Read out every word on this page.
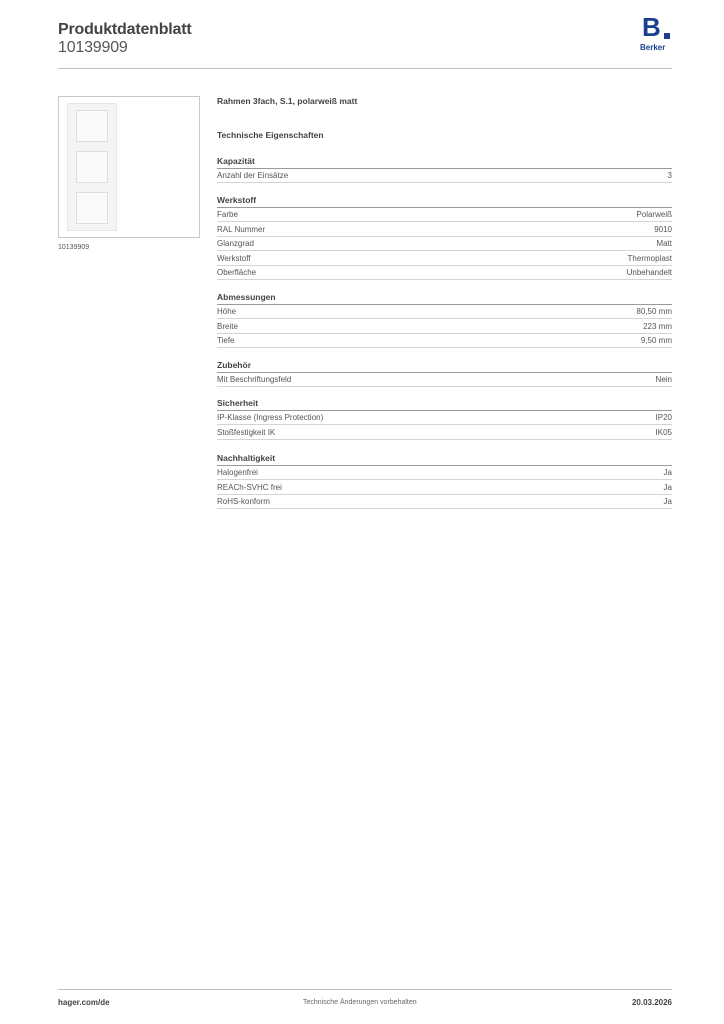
Produktdatenblatt
10139909
B
Berker
10139909
Rahmen 3fach, S.1, polarweiß matt
Technische Eigenschaften
Kapazität
Anzahl der Einsätze	3
Werkstoff
Farbe	Polarweiß
RAL Nummer	9010
Glanzgrad	Matt
Werkstoff	Thermoplast
Oberfläche	Unbehandelt
Abmessungen
Höhe	80,50 mm
Breite	223 mm
Tiefe	9,50 mm
Zubehör
Mit Beschriftungsfeld	Nein
Sicherheit
IP-Klasse (Ingress Protection)	IP20
Stoßfestigkeit IK	IK05
Nachhaltigkeit
Halogenfrei	Ja
REACh-SVHC frei	Ja
RoHS-konform	Ja
hager.com/de	Technische Änderungen vorbehalten	20.03.2026
